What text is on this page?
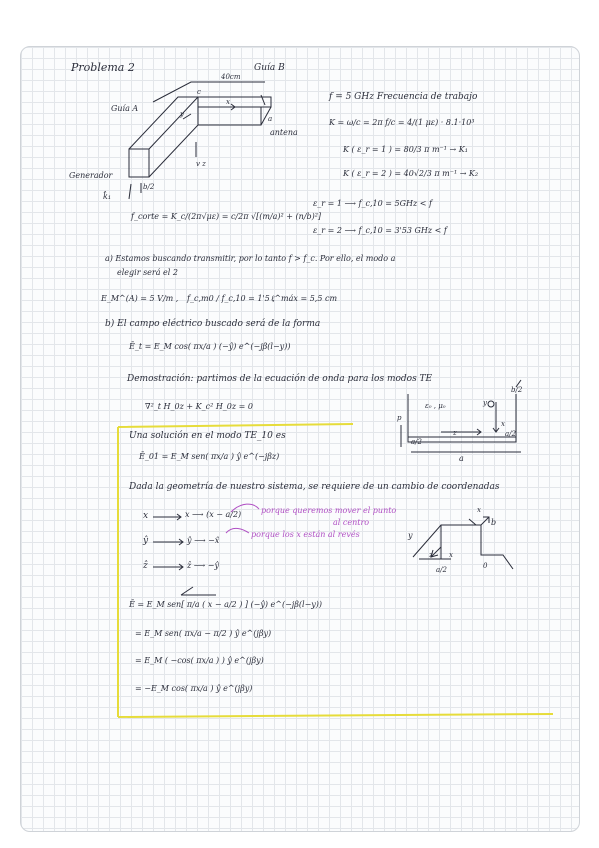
Problema 2	Guía B
Guía A
40cm
c
x
y
a
antena
v z
Generador
b/2
k̂₁
f = 5 GHz Frecuencia de trabajo
K = ω/c = 2π f/c = 4/(1 με) · 8.1·10³
K ( ε_r = 1 ) = 80/3 π m⁻¹ → K₁
K ( ε_r = 2 ) = 40√2/3 π m⁻¹ → K₂
f_corte = K_c/(2π√με) = c/2π √[(m/a)² + (n/b)²]
ε_r = 1 ⟶ f_c,10 = 5GHz < f
ε_r = 2 ⟶ f_c,10 = 3'53 GHz < f
a) Estamos buscando transmitir, por lo tanto f > f_c. Por ello, el modo a
elegir será el 2
E_M^(A) = 5 V/m , f_c,m0 / f_c,10 = 1'5 ,
ℓ^máx = 5,5 cm
b) El campo eléctrico buscado será de la forma
Ē_t = E_M cos( πx/a ) (−ŷ) e^(−jβ(l−y))
Demostración: partimos de la ecuación de onda para los modos TE
∇²_t H_0z + K_c² H_0z = 0
Una solución en el modo TE_10 es
Ē_01 = E_M sen( πx/a ) ŷ e^(−jβz)
Dada la geometría de nuestro sistema, se requiere de un cambio de coordenadas
x	x ⟶ (x − a/2)
ŷ	ŷ ⟶ −x̂
ẑ	ẑ ⟶ −ŷ
porque queremos mover el punto
al centro
porque los x están al revés
Ē = E_M sen[ π/a ( x − a/2 ) ] (−ŷ) e^(−jβ(l−y))
= E_M sen( πx/a − π/2 ) ŷ e^(jβy)
= E_M ( −cos( πx/a ) ) ŷ e^(jβy)
= −E_M cos( πx/a ) ŷ e^(jβy)
b/2
p
ε₀ , μ₀	y
x
z
a/2
a/2
a
x
b
y
z x
a/2	0
